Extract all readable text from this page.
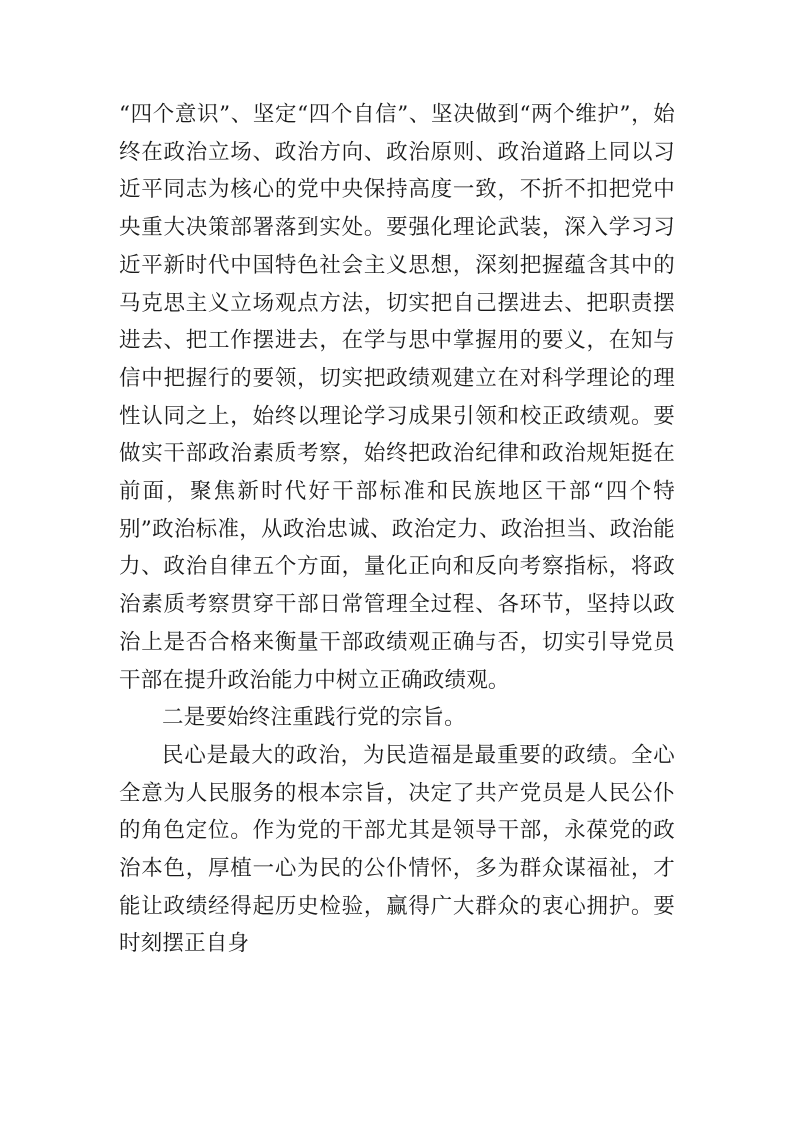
“四个意识”、坚定“四个自信”、坚决做到“两个维护”，始终在政治立场、政治方向、政治原则、政治道路上同以习近平同志为核心的党中央保持高度一致，不折不扣把党中央重大决策部署落到实处。要强化理论武装，深入学习习近平新时代中国特色社会主义思想，深刻把握蕴含其中的马克思主义立场观点方法，切实把自己摆进去、把职责摆进去、把工作摆进去，在学与思中掌握用的要义，在知与信中把握行的要领，切实把政绩观建立在对科学理论的理性认同之上，始终以理论学习成果引领和校正政绩观。要做实干部政治素质考察，始终把政治纪律和政治规矩挺在前面，聚焦新时代好干部标准和民族地区干部“四个特别”政治标准，从政治忠诚、政治定力、政治担当、政治能力、政治自律五个方面，量化正向和反向考察指标，将政治素质考察贯穿干部日常管理全过程、各环节，坚持以政治上是否合格来衡量干部政绩观正确与否，切实引导党员干部在提升政治能力中树立正确政绩观。

二是要始终注重践行党的宗旨。

民心是最大的政治，为民造福是最重要的政绩。全心全意为人民服务的根本宗旨，决定了共产党员是人民公仆的角色定位。作为党的干部尤其是领导干部，永葆党的政治本色，厚植一心为民的公仆情怀，多为群众谋福祉，才能让政绩经得起历史检验，赢得广大群众的衷心拥护。要时刻摆正自身
